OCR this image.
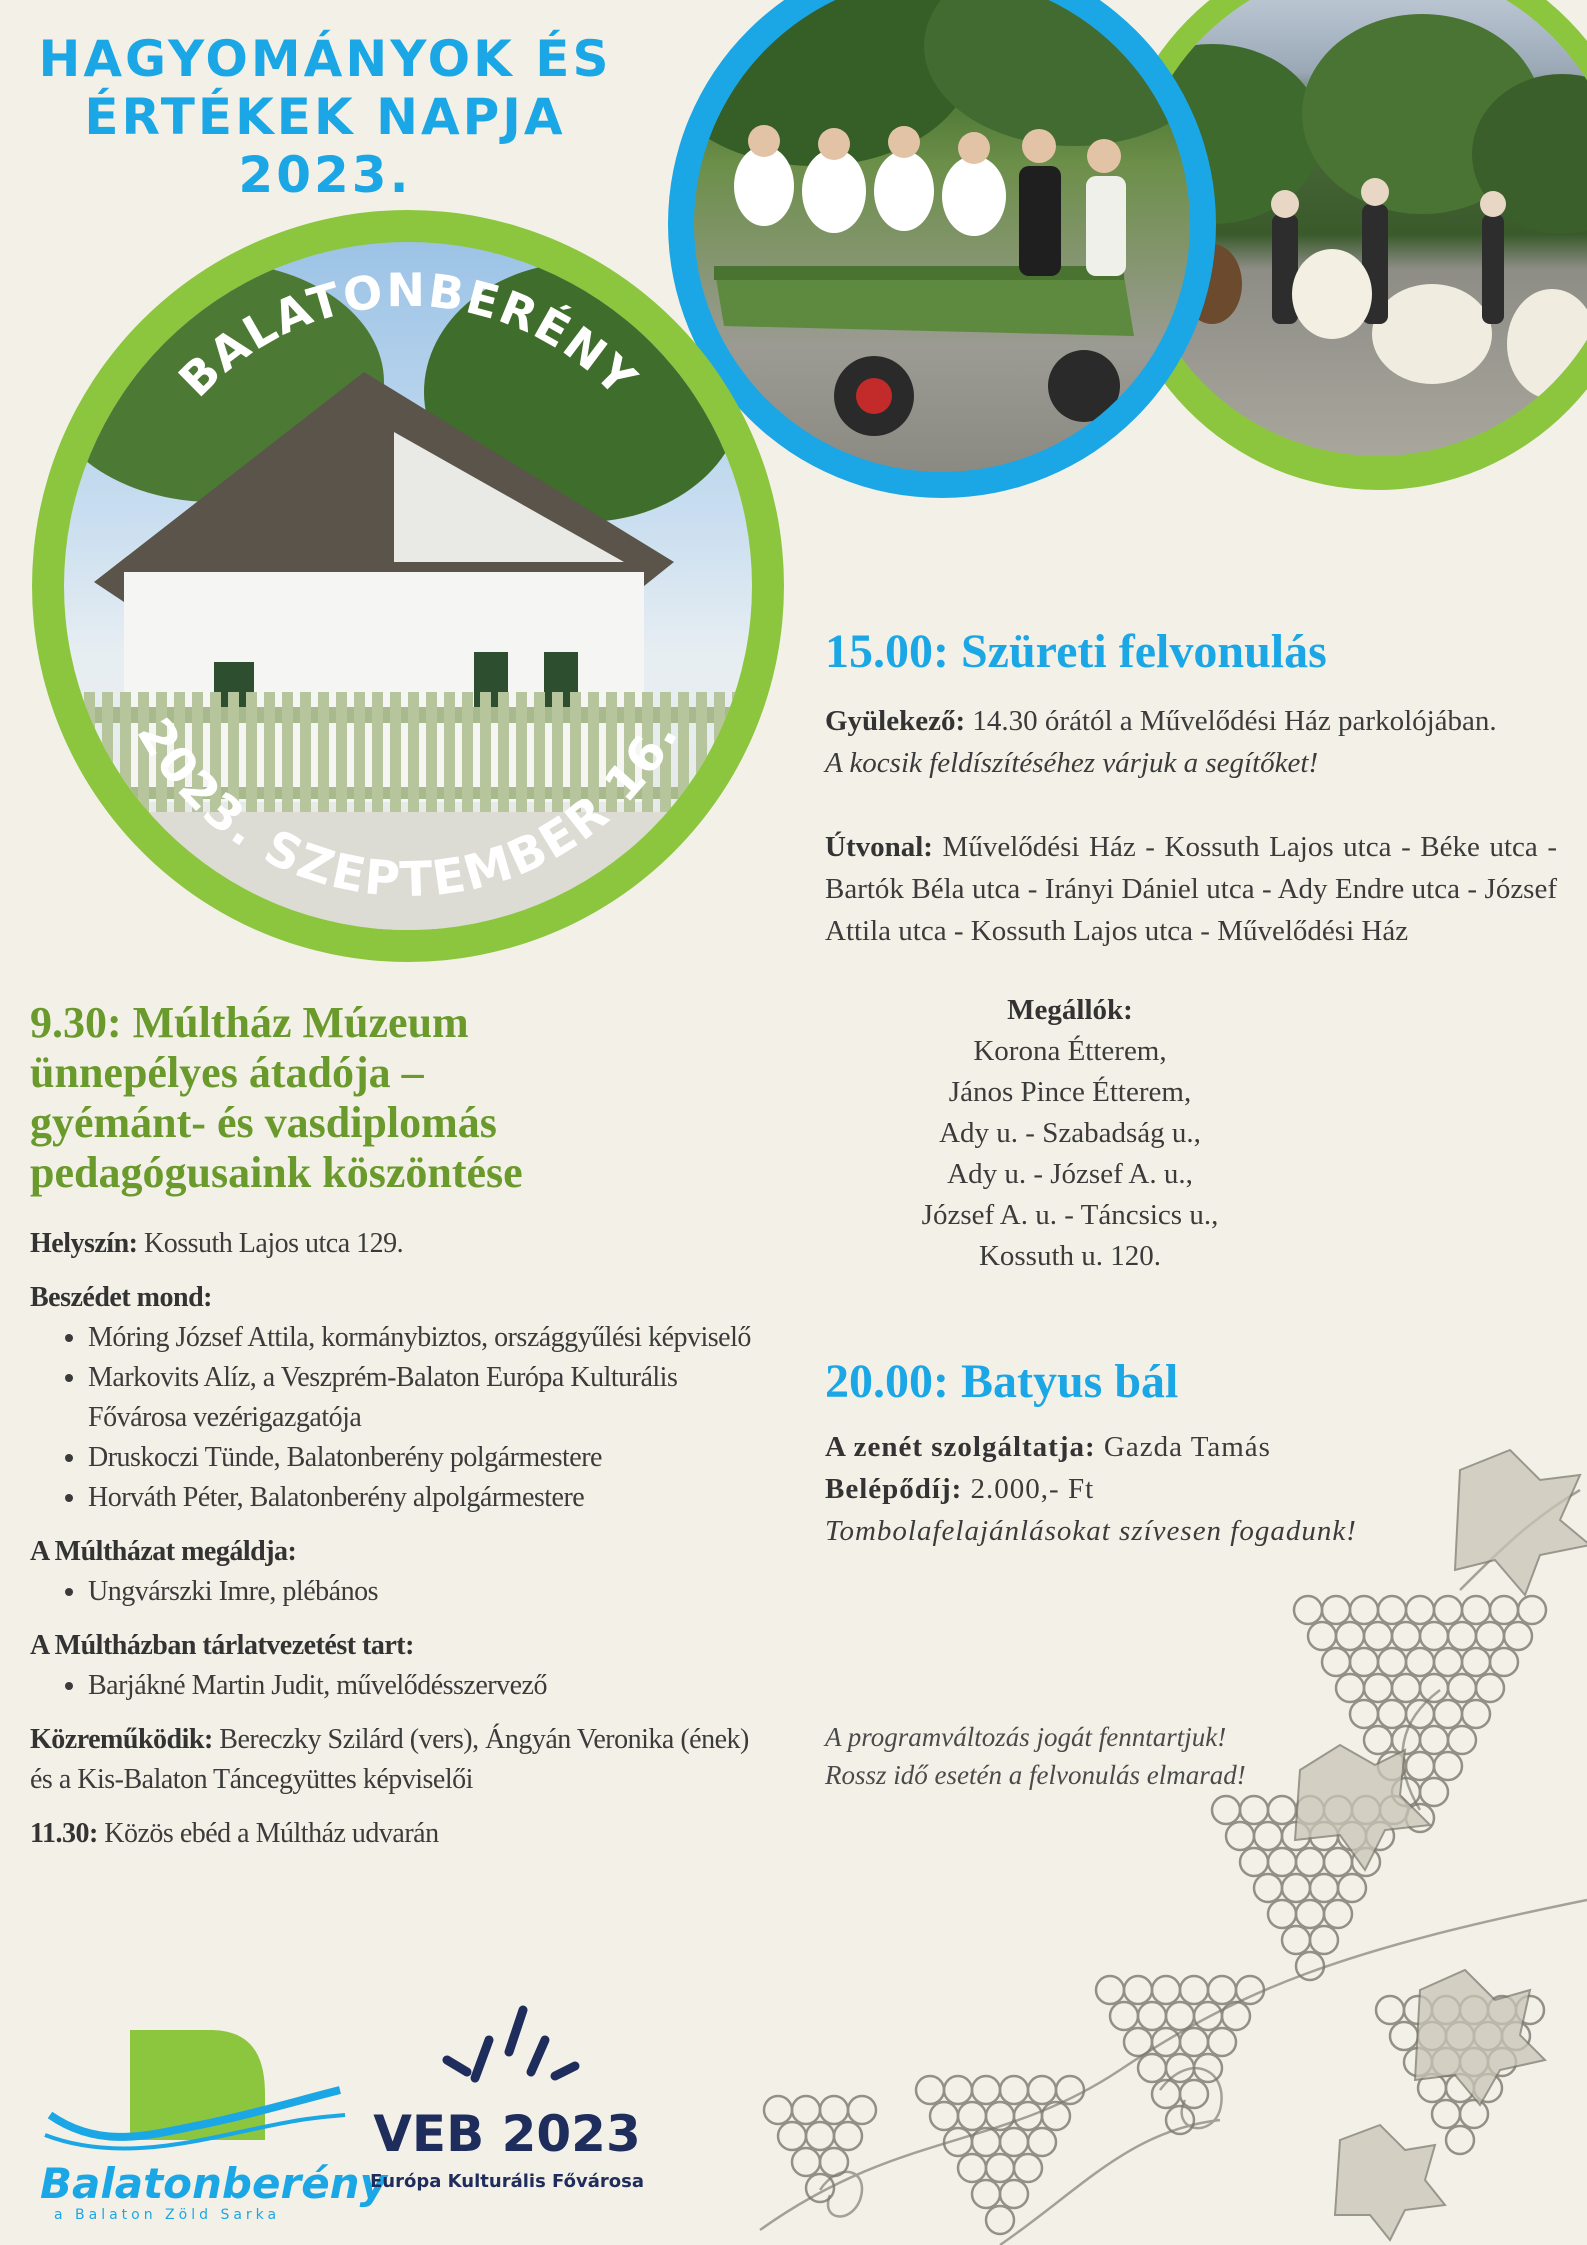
HAGYOMÁNYOK ÉS
ÉRTÉKEK NAPJA 2023.
BALATONBERÉNY
2023. SZEPTEMBER 16.
9.30: Múltház Múzeum
ünnepélyes átadója –
gyémánt- és vasdiplomás
pedagógusaink köszöntése
Helyszín: Kossuth Lajos utca 129.
Beszédet mond:
• Móring József Attila, kormánybiztos, országgyűlési képviselő
• Markovits Alíz, a Veszprém-Balaton Európa Kulturális Fővárosa vezérigazgatója
• Druskoczi Tünde, Balatonberény polgármestere
• Horváth Péter, Balatonberény alpolgármestere
A Múltházat megáldja:
• Ungvárszki Imre, plébános
A Múltházban tárlatvezetést tart:
• Barjákné Martin Judit, művelődésszervező
Közreműködik: Bereczky Szilárd (vers), Ángyán Veronika (ének) és a Kis-Balaton Táncegyüttes képviselői
11.30: Közös ebéd a Múltház udvarán
15.00: Szüreti felvonulás
Gyülekező: 14.30 órától a Művelődési Ház parkolójában.
A kocsik feldíszítéséhez várjuk a segítőket!
Útvonal: Művelődési Ház - Kossuth Lajos utca - Béke utca - Bartók Béla utca - Irányi Dániel utca - Ady Endre utca - József Attila utca - Kossuth Lajos utca - Művelődési Ház
Megállók:
Korona Étterem,
János Pince Étterem,
Ady u. - Szabadság u.,
Ady u. - József A. u.,
József A. u. - Táncsics u.,
Kossuth u. 120.
20.00: Batyus bál
A zenét szolgáltatja: Gazda Tamás
Belépődíj: 2.000,- Ft
Tombolafelajánlásokat szívesen fogadunk!
A programváltozás jogát fenntartjuk!
Rossz idő esetén a felvonulás elmarad!
Balatonberény
a Balaton Zöld Sarka
VEB 2023
Európa Kulturális Fővárosa
